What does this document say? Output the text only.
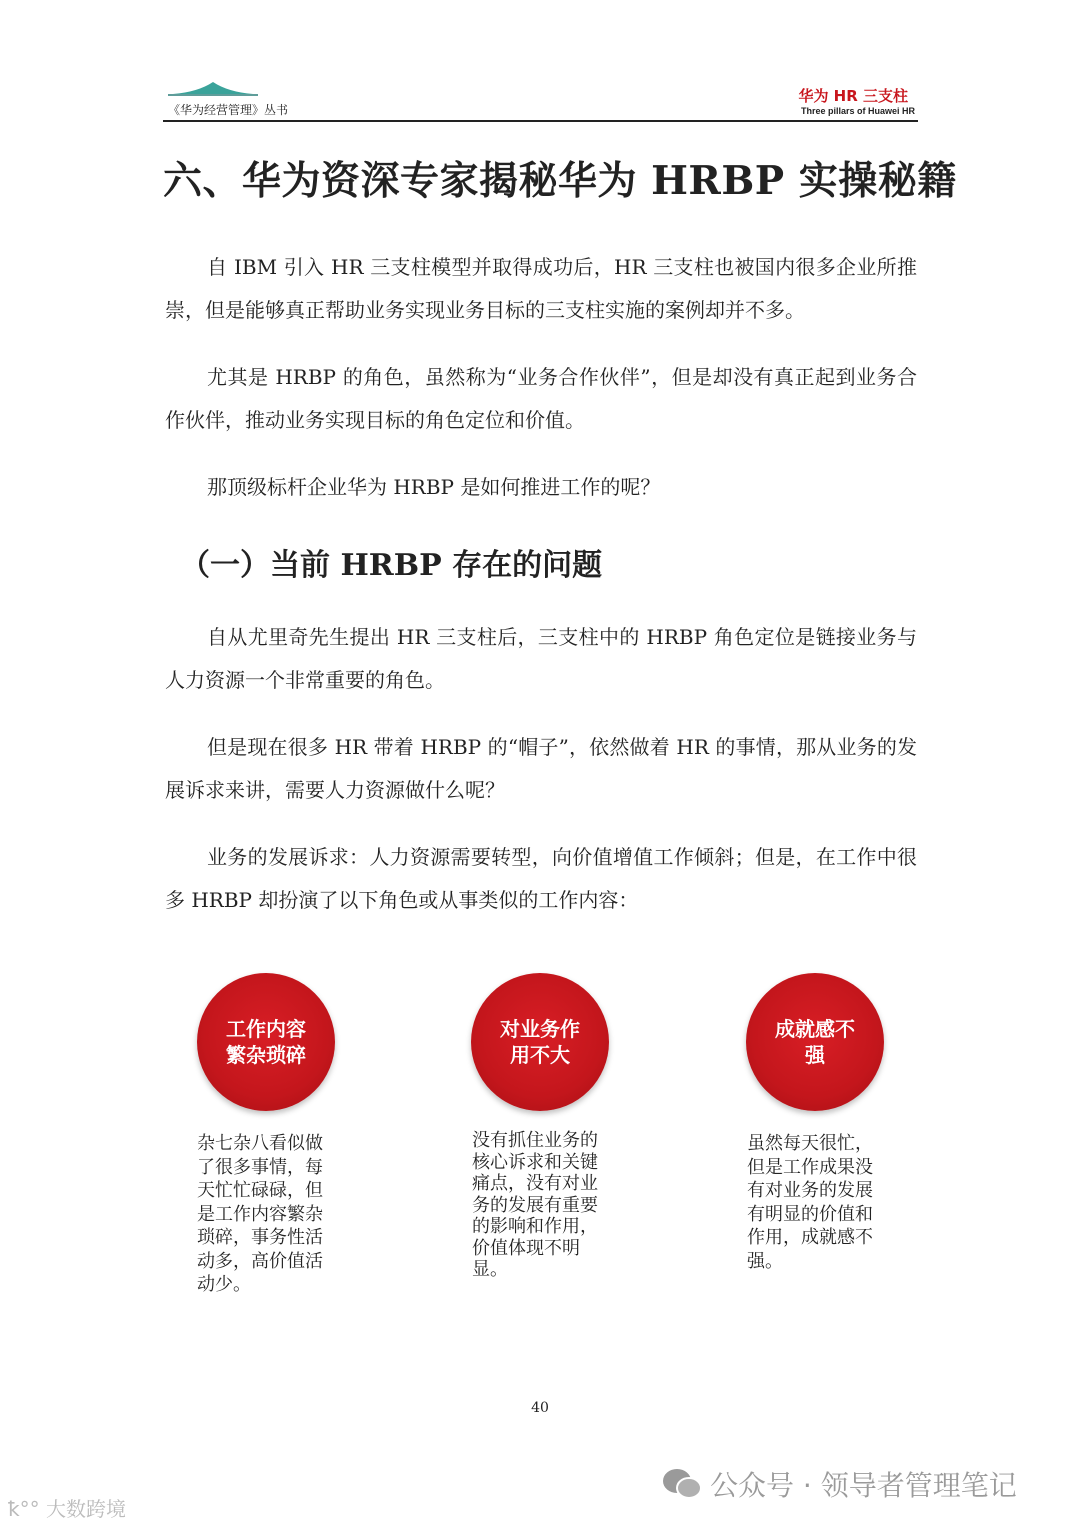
《华为经营管理》丛书
华为 HR 三支柱
Three pillars of Huawei HR
六、华为资深专家揭秘华为 HRBP 实操秘籍
自 IBM 引入 HR 三支柱模型并取得成功后，HR 三支柱也被国内很多企业所推崇，但是能够真正帮助业务实现业务目标的三支柱实施的案例却并不多。
尤其是 HRBP 的角色，虽然称为“业务合作伙伴”，但是却没有真正起到业务合作伙伴，推动业务实现目标的角色定位和价值。
那顶级标杆企业华为 HRBP 是如何推进工作的呢？
（一）当前 HRBP 存在的问题
自从尤里奇先生提出 HR 三支柱后，三支柱中的 HRBP 角色定位是链接业务与人力资源一个非常重要的角色。
但是现在很多 HR 带着 HRBP 的“帽子”，依然做着 HR 的事情，那从业务的发展诉求来讲，需要人力资源做什么呢？
业务的发展诉求：人力资源需要转型，向价值增值工作倾斜；但是，在工作中很多 HRBP 却扮演了以下角色或从事类似的工作内容：
工作内容繁杂琐碎
对业务作用不大
成就感不强
杂七杂八看似做了很多事情，每天忙忙碌碌，但是工作内容繁杂琐碎，事务性活动多，高价值活动少。
没有抓住业务的核心诉求和关键痛点，没有对业务的发展有重要的影响和作用，价值体现不明显。
虽然每天很忙，但是工作成果没有对业务的发展有明显的价值和作用，成就感不强。
40
公众号 · 领导者管理笔记
ꝁ°° 大数跨境
